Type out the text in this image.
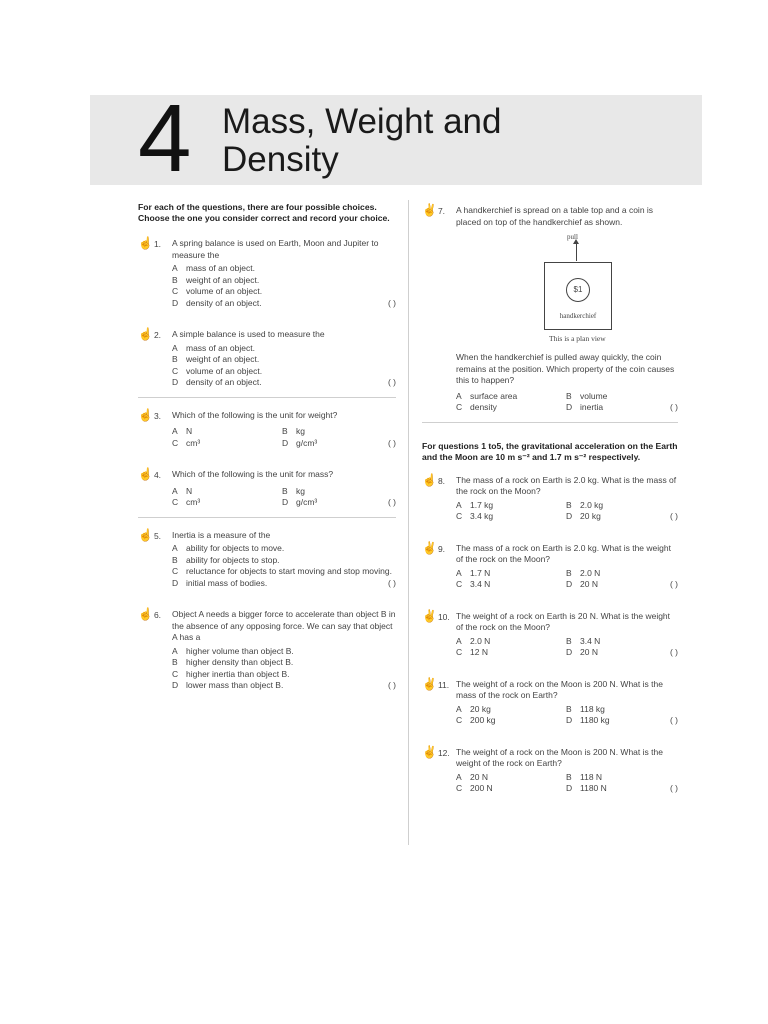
4 Mass, Weight and
Density
For each of the questions, there are four possible choices.
Choose the one you consider correct and record your choice.
☝1.	A spring balance is used on Earth, Moon and Jupiter to measure the

A mass of an object.
B weight of an object.
C volume of an object.
D density of an object.	( )
☝2.	A simple balance is used to measure the

A mass of an object.
B weight of an object.
C volume of an object.
D density of an object.	( )
☝3.	Which of the following is the unit for weight?

A N	B kg
C cm³	D g/cm³	( )
☝4.	Which of the following is the unit for mass?

A N	B kg
C cm³	D g/cm³	( )
☝5.	Inertia is a measure of the

A ability for objects to move.
B ability for objects to stop.
C reluctance for objects to start moving and stop moving.
D initial mass of bodies.	( )
☝6.	Object A needs a bigger force to accelerate than object B in the absence of any opposing force. We can say that object A has a

A higher volume than object B.
B higher density than object B.
C higher inertia than object B.
D lower mass than object B.	( )
✌7.	A handkerchief is spread on a table top and a coin is placed on top of the handkerchief as shown.

pull
$1
handkerchief
This is a plan view

When the handkerchief is pulled away quickly, the coin remains at the position. Which property of the coin causes this to happen?

A surface area	B volume
C density	D inertia	( )
For questions 1 to5, the gravitational acceleration on the Earth
and the Moon are 10 m s⁻² and 1.7 m s⁻² respectively.
☝8.	The mass of a rock on Earth is 2.0 kg. What is the mass of the rock on the Moon?

A 1.7 kg	B 2.0 kg
C 3.4 kg	D 20 kg	( )
✌9.	The mass of a rock on Earth is 2.0 kg. What is the weight of the rock on the Moon?

A 1.7 N	B 2.0 N
C 3.4 N	D 20 N	( )
✌10. The weight of a rock on Earth is 20 N. What is the weight of the rock on the Moon?

A 2.0 N	B 3.4 N
C 12 N	D 20 N	( )
✌11. The weight of a rock on the Moon is 200 N. What is the mass of the rock on Earth?

A 20 kg	B 118 kg
C 200 kg	D 1180 kg	( )
✌12. The weight of a rock on the Moon is 200 N. What is the weight of the rock on Earth?

A 20 N	B 118 N
C 200 N	D 1180 N	( )
